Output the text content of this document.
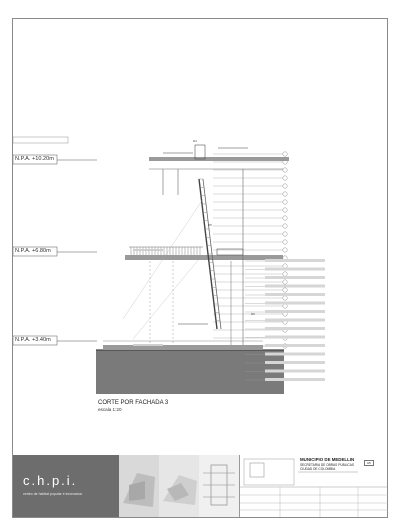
N.P.A. +10.20m
N.P.A. +6.80m
N.P.A. +3.40m
D4
D5
D6
CORTE POR FACHADA 3
escala 1:20
c.h.p.i.
centro de habitat popular e innovacion
MUNICIPIO DE MEDELLIN
SECRETARIA DE OBRAS PUBLICAS
CIUDAD DE COLOMBIA
A5
